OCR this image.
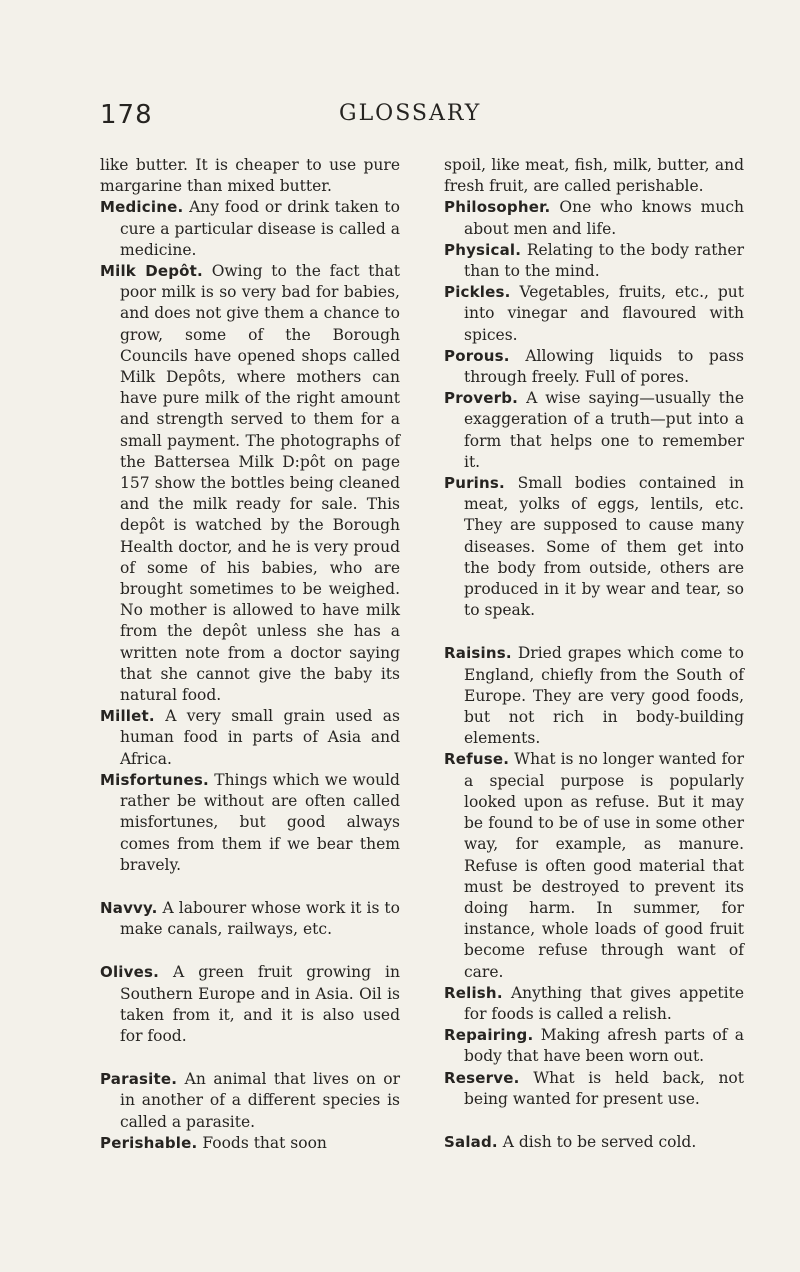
178	GLOSSARY

like butter. It is cheaper to use pure margarine than mixed butter.

Medicine. Any food or drink taken to cure a particular disease is called a medicine.

Milk Depôt. Owing to the fact that poor milk is so very bad for babies, and does not give them a chance to grow, some of the Borough Councils have opened shops called Milk Depôts, where mothers can have pure milk of the right amount and strength served to them for a small payment. The photographs of the Battersea Milk D:pôt on page 157 show the bottles being cleaned and the milk ready for sale. This depôt is watched by the Borough Health doctor, and he is very proud of some of his babies, who are brought sometimes to be weighed. No mother is allowed to have milk from the depôt unless she has a written note from a doctor saying that she cannot give the baby its natural food.

Millet. A very small grain used as human food in parts of Asia and Africa.

Misfortunes. Things which we would rather be without are often called misfortunes, but good always comes from them if we bear them bravely.

Navvy. A labourer whose work it is to make canals, railways, etc.

Olives. A green fruit growing in Southern Europe and in Asia. Oil is taken from it, and it is also used for food.

Parasite. An animal that lives on or in another of a different species is called a parasite.

Perishable. Foods that soon

spoil, like meat, fish, milk, butter, and fresh fruit, are called perishable.

Philosopher. One who knows much about men and life.

Physical. Relating to the body rather than to the mind.

Pickles. Vegetables, fruits, etc., put into vinegar and flavoured with spices.

Porous. Allowing liquids to pass through freely. Full of pores.

Proverb. A wise saying—usually the exaggeration of a truth—put into a form that helps one to remember it.

Purins. Small bodies contained in meat, yolks of eggs, lentils, etc. They are supposed to cause many diseases. Some of them get into the body from outside, others are produced in it by wear and tear, so to speak.

Raisins. Dried grapes which come to England, chiefly from the South of Europe. They are very good foods, but not rich in body-building elements.

Refuse. What is no longer wanted for a special purpose is popularly looked upon as refuse. But it may be found to be of use in some other way, for example, as manure. Refuse is often good material that must be destroyed to prevent its doing harm. In summer, for instance, whole loads of good fruit become refuse through want of care.

Relish. Anything that gives appetite for foods is called a relish.

Repairing. Making afresh parts of a body that have been worn out.

Reserve. What is held back, not being wanted for present use.

Salad. A dish to be served cold.
